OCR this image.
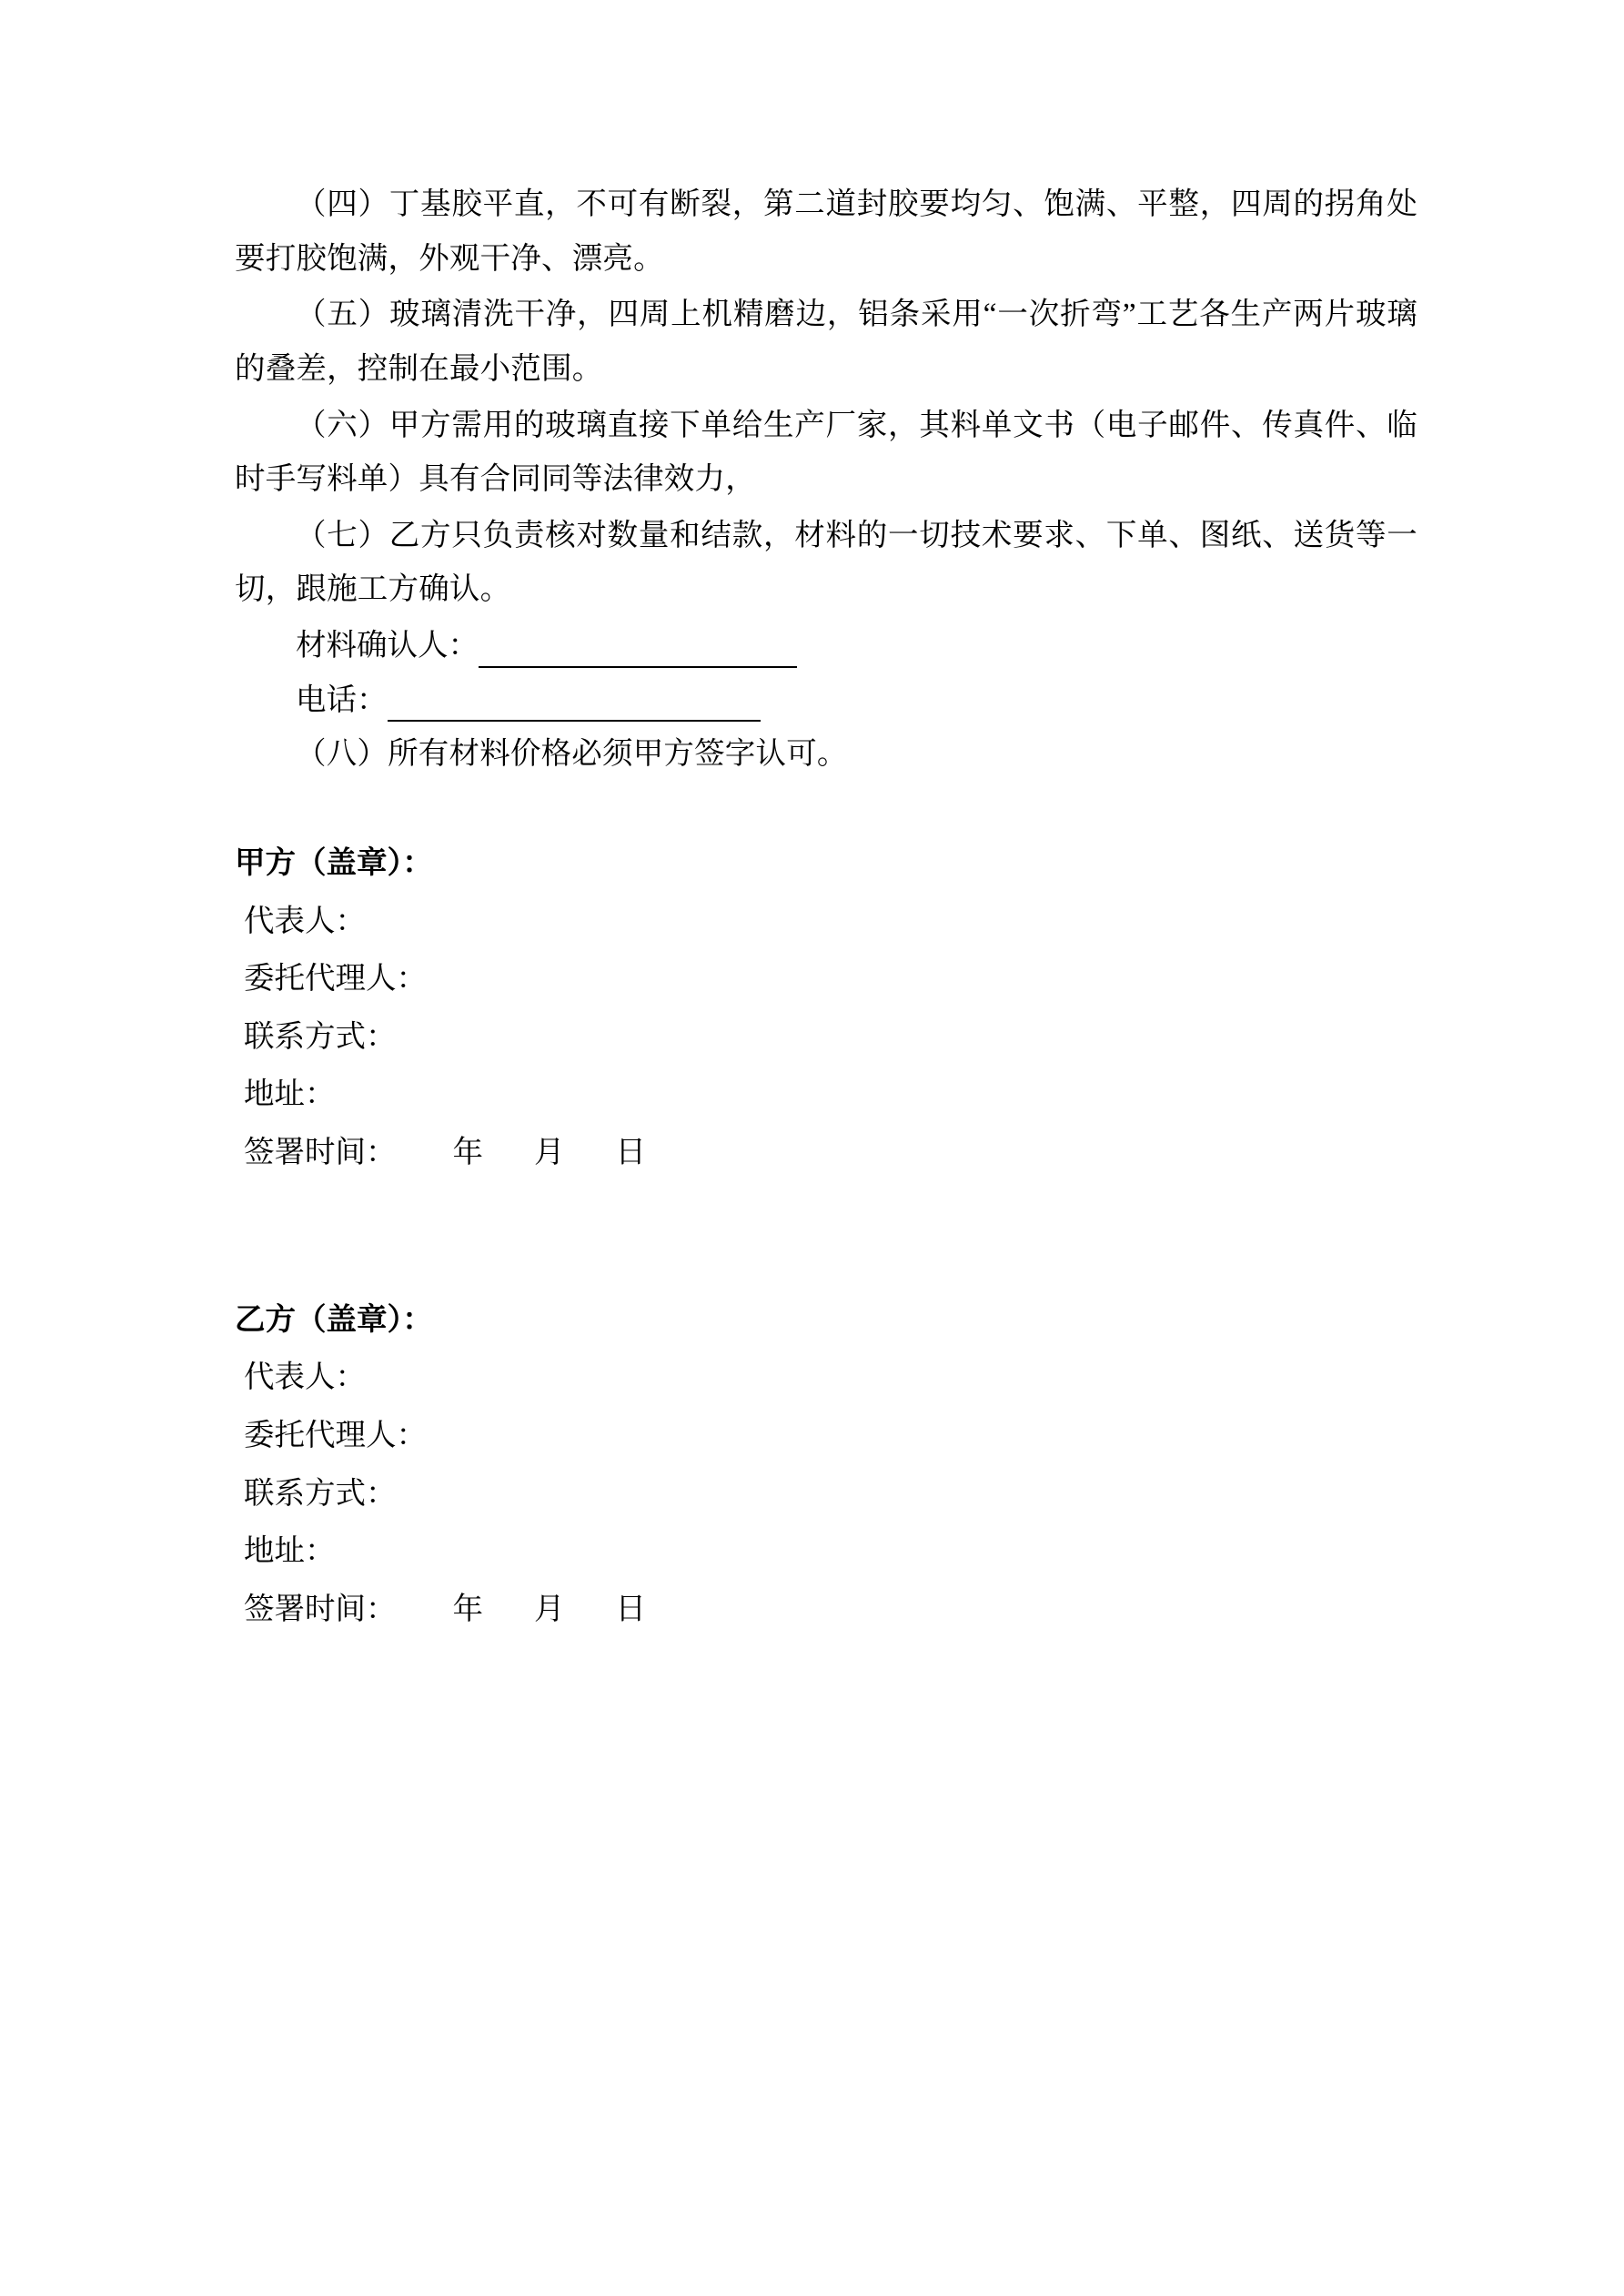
（四）丁基胶平直，不可有断裂，第二道封胶要均匀、饱满、平整，四周的拐角处要打胶饱满，外观干净、漂亮。

（五）玻璃清洗干净，四周上机精磨边，铝条采用“一次折弯”工艺各生产两片玻璃的叠差，控制在最小范围。

（六）甲方需用的玻璃直接下单给生产厂家，其料单文书（电子邮件、传真件、临时手写料单）具有合同同等法律效力，

（七）乙方只负责核对数量和结款，材料的一切技术要求、下单、图纸、送货等一切，跟施工方确认。

材料确认人：

电话：

（八）所有材料价格必须甲方签字认可。

甲方（盖章）：

代表人：

委托代理人：

联系方式：

地址：

签署时间： 年 月 日

乙方（盖章）：

代表人：

委托代理人：

联系方式：

地址：

签署时间： 年 月 日
